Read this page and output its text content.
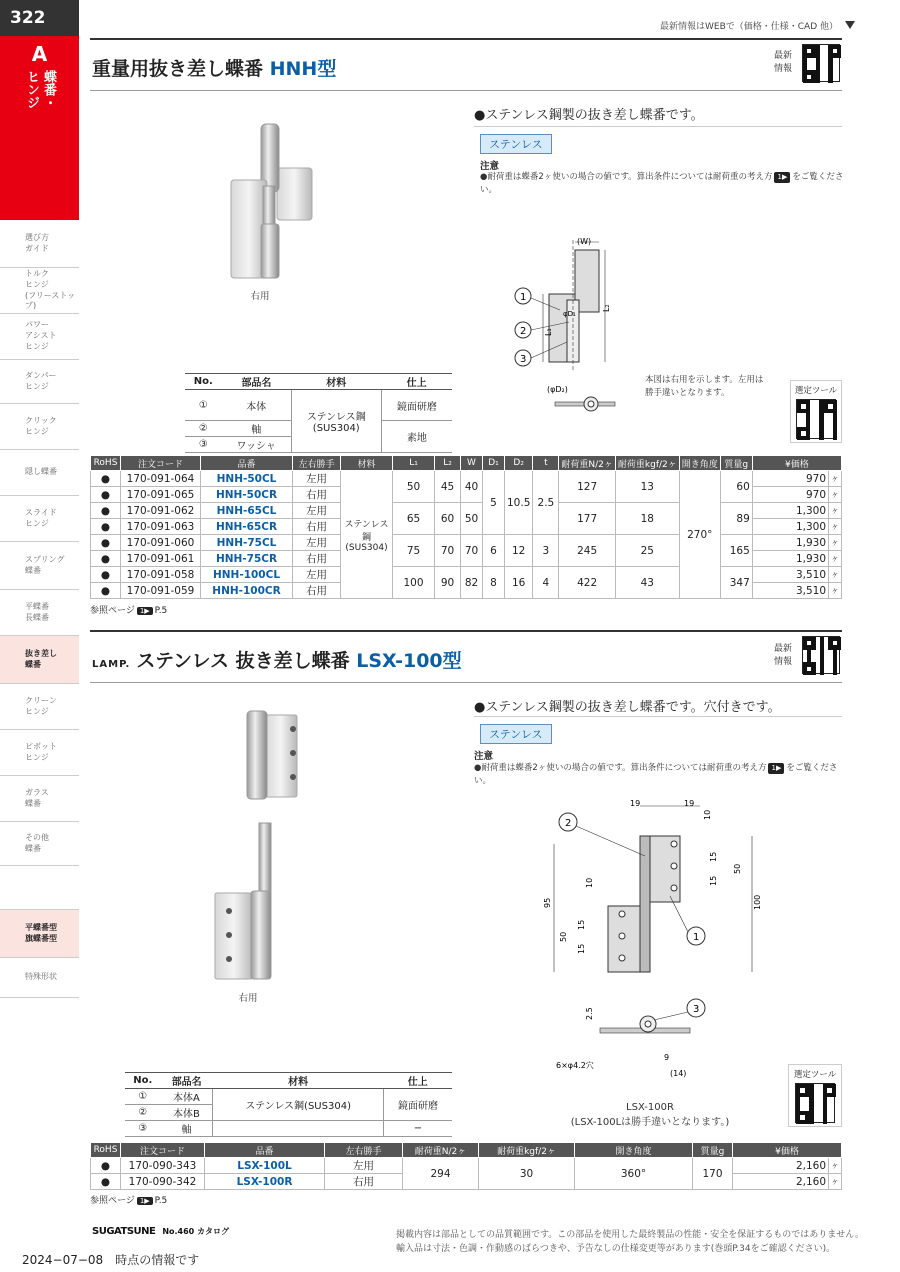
322
A
蝶番・
ヒンジ
選び方
ガイド
トルク
ヒンジ
(フリーストップ)
パワー
アシスト
ヒンジ
ダンパー
ヒンジ
クリック
ヒンジ
隠し蝶番
スライド
ヒンジ
スプリング
蝶番
平蝶番
長蝶番
抜き差し
蝶番
クリーン
ヒンジ
ピボット
ヒンジ
ガラス
蝶番
その他
蝶番
平蝶番型
旗蝶番型
特殊形状
最新情報はWEBで（価格・仕様・CAD 他）
重量用抜き差し蝶番 HNH型
最新
情報
右用
●ステンレス鋼製の抜き差し蝶番です。
ステンレス
注意
●耐荷重は蝶番2ヶ使いの場合の値です。算出条件については耐荷重の考え方 1▶ をご覧ください。
(W)
L₁
φD₁
L₂
1
2
3
(φD₂)
本図は右用を示します。左用は勝手違いとなります。	選定ツール
No.	部品名	材料	仕上
①	本体	ステンレス鋼(SUS304)	鏡面研磨
②	軸		素地
③	ワッシャ		
RoHS	注文コード	品番	左右勝手	材料	L₁	L₂	W	D₁	D₂	t	耐荷重N/2ヶ	耐荷重kgf/2ヶ	開き角度	質量g	¥価格	
●	170-091-064	HNH-50CL	左用	ステンレス鋼(SUS304)	50	45	40	5	10.5	2.5	127	13	270°	60	970	ヶ
●	170-091-065	HNH-50CR	右用												970	ヶ
●	170-091-062	HNH-65CL	左用		65	60	50				177	18		89	1,300	ヶ
●	170-091-063	HNH-65CR	右用												1,300	ヶ
●	170-091-060	HNH-75CL	左用		75	70	70	6	12	3	245	25		165	1,930	ヶ
●	170-091-061	HNH-75CR	右用												1,930	ヶ
●	170-091-058	HNH-100CL	左用		100	90	82	8	16	4	422	43		347	3,510	ヶ
●	170-091-059	HNH-100CR	右用												3,510	ヶ
参照ページ 1▶ P.5
LAMP. ステンレス 抜き差し蝶番 LSX-100型
最新
情報
右用
●ステンレス鋼製の抜き差し蝶番です。穴付きです。
ステンレス
注意
●耐荷重は蝶番2ヶ使いの場合の値です。算出条件については耐荷重の考え方 1▶ をご覧ください。
19	19
10
15
15
50
100
95
10
50
15
15
2
1
2.5	3
6×φ4.2穴
9
(14)
LSX-100R
(LSX-100Lは勝手違いとなります。)
選定ツール
No.	部品名	材料	仕上
①	本体A	ステンレス鋼(SUS304)	鏡面研磨
②	本体B		
③	軸		−
RoHS	注文コード	品番	左右勝手	耐荷重N/2ヶ	耐荷重kgf/2ヶ	開き角度	質量g	¥価格	
●	170-090-343	LSX-100L	左用	294	30	360°	170	2,160	ヶ
●	170-090-342	LSX-100R	右用					2,160	ヶ
参照ページ 1▶ P.5
SUGATSUNE No.460 カタログ	掲載内容は部品としての品質範囲です。この部品を使用した最終製品の性能・安全を保証するものではありません。
輸入品は寸法・色調・作動感のばらつきや、予告なしの仕様変更等があります(巻頭P.34をご確認ください)。
2024−07−08　時点の情報です
